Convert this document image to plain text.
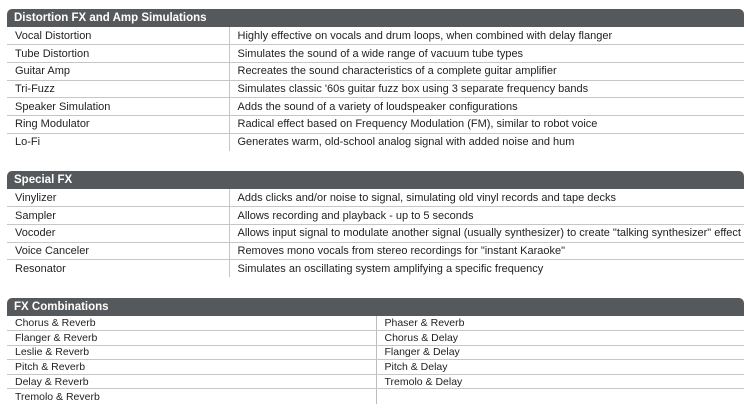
Distortion FX and Amp Simulations
Vocal Distortion	Highly effective on vocals and drum loops, when combined with delay flanger
Tube Distortion	Simulates the sound of a wide range of vacuum tube types
Guitar Amp	Recreates the sound characteristics of a complete guitar amplifier
Tri-Fuzz	Simulates classic '60s guitar fuzz box using 3 separate frequency bands
Speaker Simulation	Adds the sound of a variety of loudspeaker configurations
Ring Modulator	Radical effect based on Frequency Modulation (FM), similar to robot voice
Lo-Fi	Generates warm, old-school analog signal with added noise and hum
Special FX
Vinylizer	Adds clicks and/or noise to signal, simulating old vinyl records and tape decks
Sampler	Allows recording and playback - up to 5 seconds
Vocoder	Allows input signal to modulate another signal (usually synthesizer) to create "talking synthesizer" effect
Voice Canceler	Removes mono vocals from stereo recordings for "instant Karaoke"
Resonator	Simulates an oscillating system amplifying a specific frequency
FX Combinations
Chorus & Reverb	Phaser & Reverb
Flanger & Reverb	Chorus & Delay
Leslie & Reverb	Flanger & Delay
Pitch & Reverb	Pitch & Delay
Delay & Reverb	Tremolo & Delay
Tremolo & Reverb	
